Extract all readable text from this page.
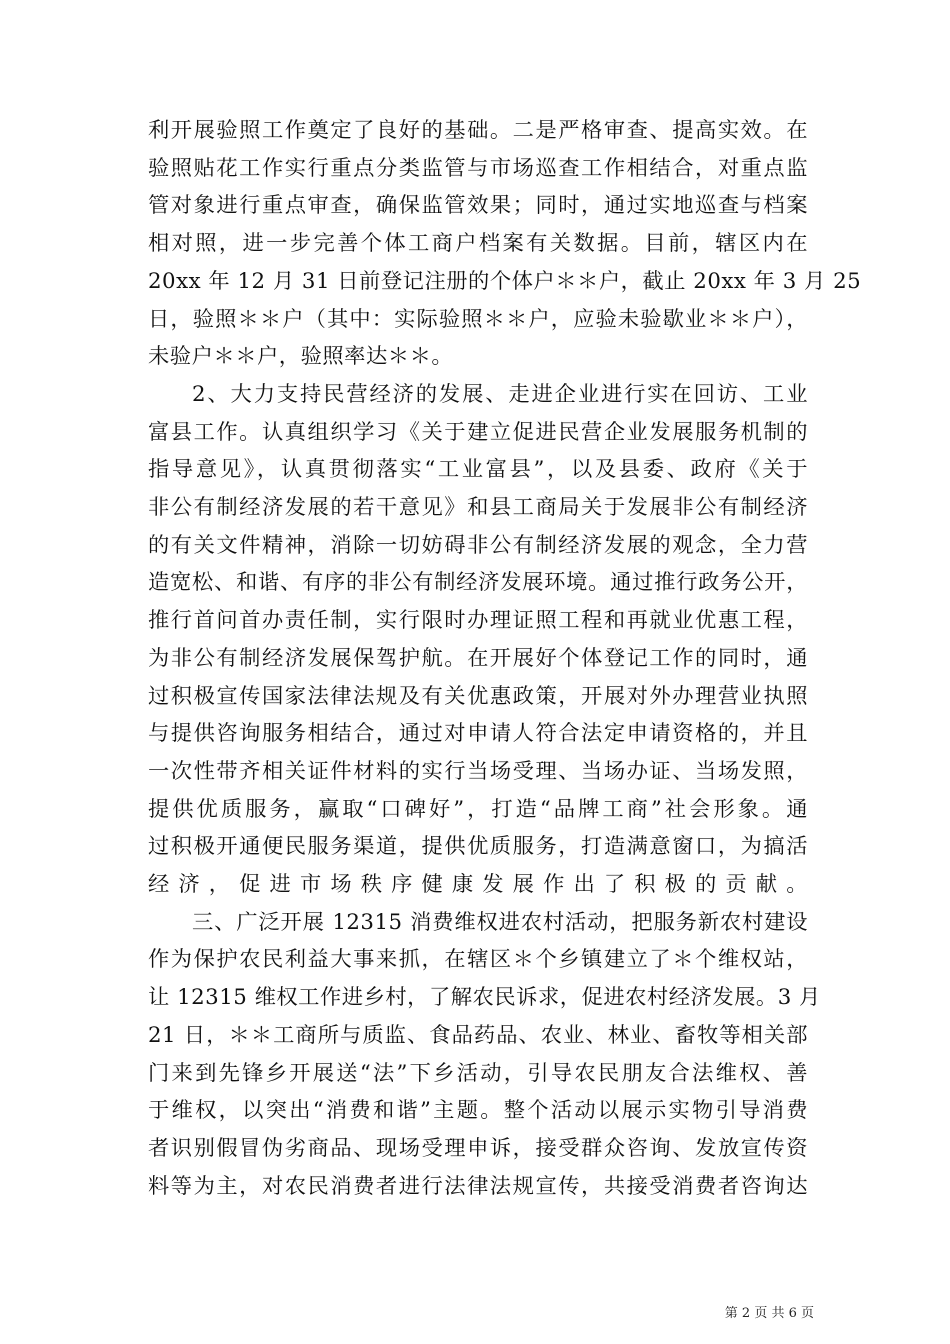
利开展验照工作奠定了良好的基础。二是严格审查、提高实效。在
验照贴花工作实行重点分类监管与市场巡查工作相结合，对重点监
管对象进行重点审查，确保监管效果；同时，通过实地巡查与档案
相对照，进一步完善个体工商户档案有关数据。目前，辖区内在
20xx 年 12 月 31 日前登记注册的个体户＊＊户，截止 20xx 年 3 月 25
日，验照＊＊户（其中：实际验照＊＊户，应验未验歇业＊＊户），
未验户＊＊户，验照率达＊＊。

2、大力支持民营经济的发展、走进企业进行实在回访、工业
富县工作。认真组织学习《关于建立促进民营企业发展服务机制的
指导意见》，认真贯彻落实“工业富县”，以及县委、政府《关于
非公有制经济发展的若干意见》和县工商局关于发展非公有制经济
的有关文件精神，消除一切妨碍非公有制经济发展的观念，全力营
造宽松、和谐、有序的非公有制经济发展环境。通过推行政务公开，
推行首问首办责任制，实行限时办理证照工程和再就业优惠工程，
为非公有制经济发展保驾护航。在开展好个体登记工作的同时，通
过积极宣传国家法律法规及有关优惠政策，开展对外办理营业执照
与提供咨询服务相结合，通过对申请人符合法定申请资格的，并且
一次性带齐相关证件材料的实行当场受理、当场办证、当场发照，
提供优质服务，赢取“口碑好”，打造“品牌工商”社会形象。通
过积极开通便民服务渠道，提供优质服务，打造满意窗口，为搞活
经济，促进市场秩序健康发展作出了积极的贡献。

三、广泛开展 12315 消费维权进农村活动，把服务新农村建设
作为保护农民利益大事来抓，在辖区＊个乡镇建立了＊个维权站，
让 12315 维权工作进乡村，了解农民诉求，促进农村经济发展。3 月
21 日，＊＊工商所与质监、食品药品、农业、林业、畜牧等相关部
门来到先锋乡开展送“法”下乡活动，引导农民朋友合法维权、善
于维权，以突出“消费和谐”主题。整个活动以展示实物引导消费
者识别假冒伪劣商品、现场受理申诉，接受群众咨询、发放宣传资
料等为主，对农民消费者进行法律法规宣传，共接受消费者咨询达

第 2 页 共 6 页
